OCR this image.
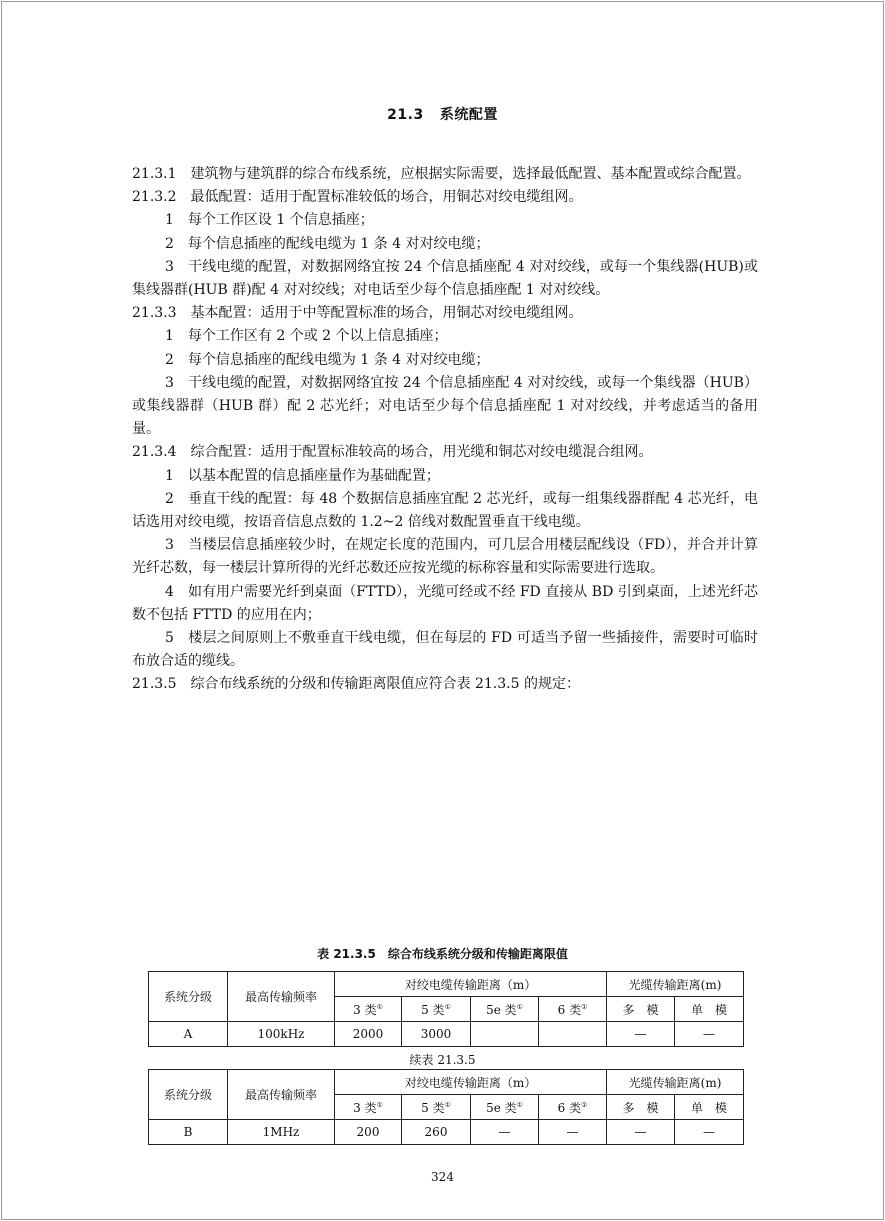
21.3 系统配置

21.3.1　建筑物与建筑群的综合布线系统，应根据实际需要，选择最低配置、基本配置或综合配置。

21.3.2　最低配置：适用于配置标准较低的场合，用铜芯对绞电缆组网。

1　每个工作区设 1 个信息插座；

2　每个信息插座的配线电缆为 1 条 4 对对绞电缆；

3　干线电缆的配置，对数据网络宜按 24 个信息插座配 4 对对绞线，或每一个集线器(HUB)或集线器群(HUB 群)配 4 对对绞线；对电话至少每个信息插座配 1 对对绞线。

21.3.3　基本配置：适用于中等配置标准的场合，用铜芯对绞电缆组网。

1　每个工作区有 2 个或 2 个以上信息插座；

2　每个信息插座的配线电缆为 1 条 4 对对绞电缆；

3　干线电缆的配置，对数据网络宜按 24 个信息插座配 4 对对绞线，或每一个集线器（HUB）或集线器群（HUB 群）配 2 芯光纤；对电话至少每个信息插座配 1 对对绞线，并考虑适当的备用量。

21.3.4　综合配置：适用于配置标准较高的场合，用光缆和铜芯对绞电缆混合组网。

1　以基本配置的信息插座量作为基础配置；

2　垂直干线的配置：每 48 个数据信息插座宜配 2 芯光纤，或每一组集线器群配 4 芯光纤，电话选用对绞电缆，按语音信息点数的 1.2~2 倍线对数配置垂直干线电缆。

3　当楼层信息插座较少时，在规定长度的范围内，可几层合用楼层配线设（FD），并合并计算光纤芯数，每一楼层计算所得的光纤芯数还应按光缆的标称容量和实际需要进行选取。

4　如有用户需要光纤到桌面（FTTD），光缆可经或不经 FD 直接从 BD 引到桌面，上述光纤芯数不包括 FTTD 的应用在内；

5　楼层之间原则上不敷垂直干线电缆，但在每层的 FD 可适当予留一些插接件，需要时可临时布放合适的缆线。

21.3.5　综合布线系统的分级和传输距离限值应符合表 21.3.5 的规定：

表 21.3.5　综合布线系统分级和传输距离限值
系统分级	最高传输频率	对绞电缆传输距离（m）				光缆传输距离(m)	
		3 类①	5 类①	5e 类①	6 类①	多　模	单　模
A	100kHz	2000	3000			—	—
续表 21.3.5
系统分级	最高传输频率	对绞电缆传输距离（m）				光缆传输距离(m)	
		3 类①	5 类①	5e 类①	6 类①	多　模	单　模
B	1MHz	200	260	—	—	—	—
324
